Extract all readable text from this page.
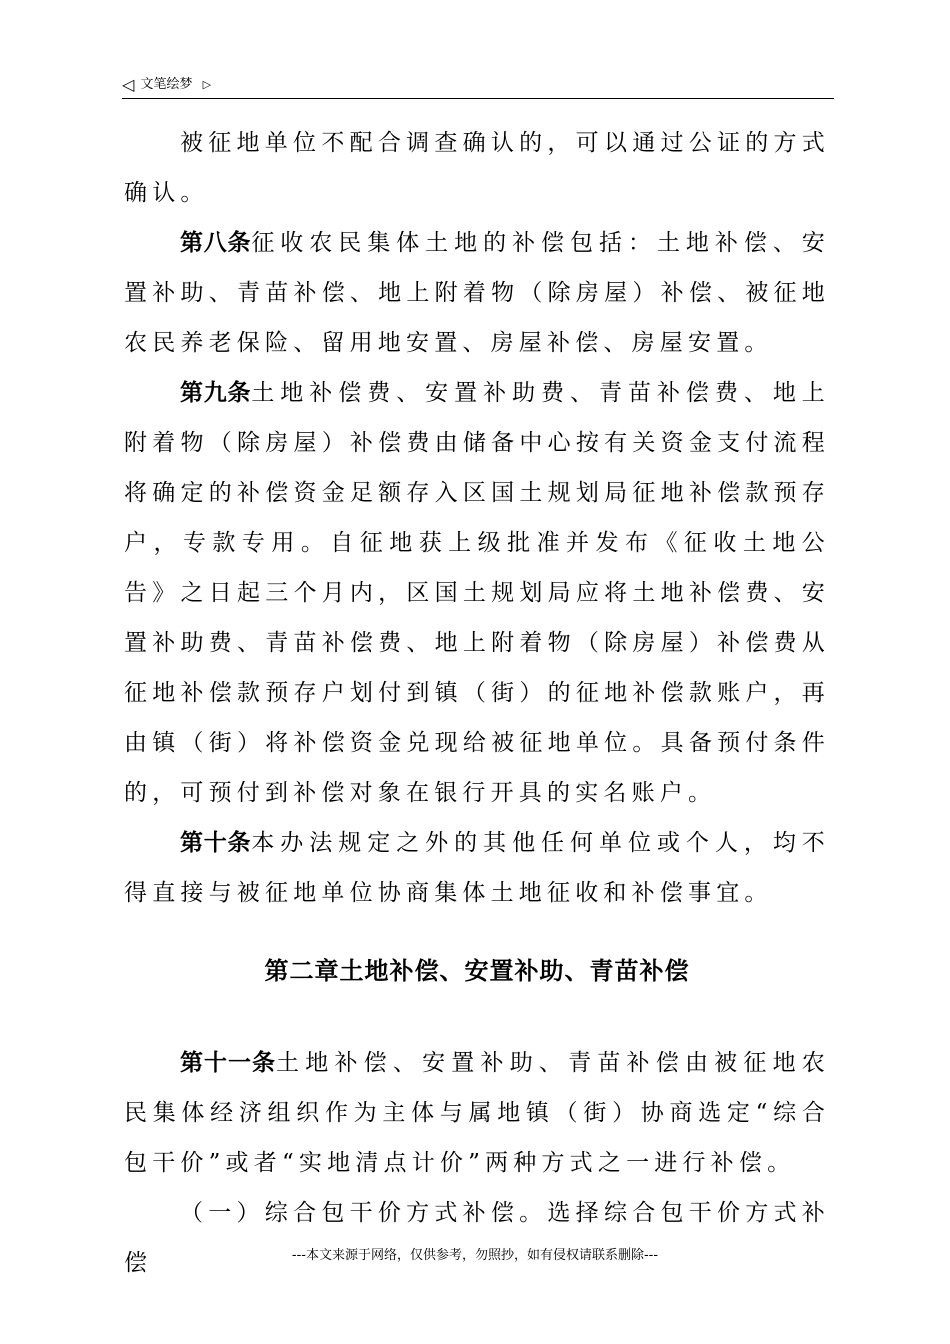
◁ 文笔绘梦 ▷

被征地单位不配合调查确认的，可以通过公证的方式确认。

第八条征收农民集体土地的补偿包括：土地补偿、安置补助、青苗补偿、地上附着物（除房屋）补偿、被征地农民养老保险、留用地安置、房屋补偿、房屋安置。

第九条土地补偿费、安置补助费、青苗补偿费、地上附着物（除房屋）补偿费由储备中心按有关资金支付流程将确定的补偿资金足额存入区国土规划局征地补偿款预存户，专款专用。自征地获上级批准并发布《征收土地公告》之日起三个月内，区国土规划局应将土地补偿费、安置补助费、青苗补偿费、地上附着物（除房屋）补偿费从征地补偿款预存户划付到镇（街）的征地补偿款账户，再由镇（街）将补偿资金兑现给被征地单位。具备预付条件的，可预付到补偿对象在银行开具的实名账户。

第十条本办法规定之外的其他任何单位或个人，均不得直接与被征地单位协商集体土地征收和补偿事宜。

第二章土地补偿、安置补助、青苗补偿

第十一条土地补偿、安置补助、青苗补偿由被征地农民集体经济组织作为主体与属地镇（街）协商选定“综合包干价”或者“实地清点计价”两种方式之一进行补偿。

（一）综合包干价方式补偿。选择综合包干价方式补偿	---本文来源于网络，仅供参考，勿照抄，如有侵权请联系删除---
